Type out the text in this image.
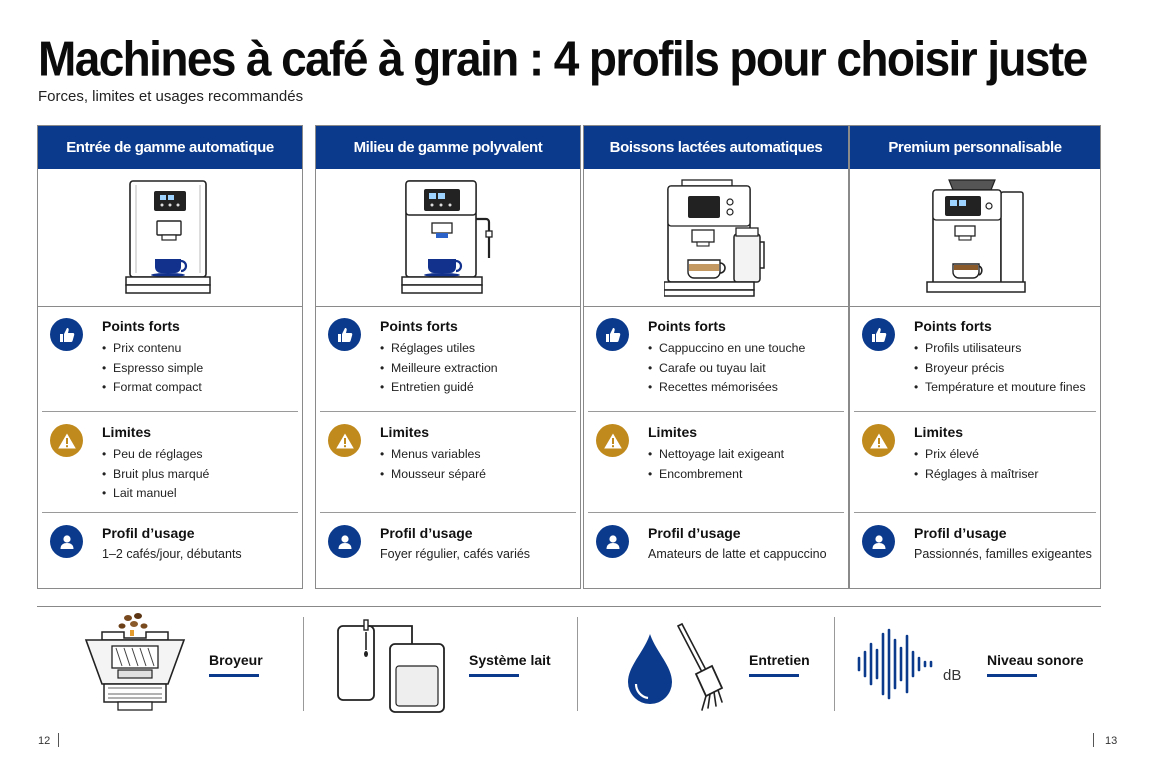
Machines à café à grain : 4 profils pour choisir juste
Forces, limites et usages recommandés
Entrée de gamme automatique
Points forts
• Prix contenu
• Espresso simple
• Format compact
Limites
• Peu de réglages
• Bruit plus marqué
• Lait manuel
Profil d’usage
1–2 cafés/jour, débutants
Milieu de gamme polyvalent
Points forts
• Réglages utiles
• Meilleure extraction
• Entretien guidé
Limites
• Menus variables
• Mousseur séparé
Profil d’usage
Foyer régulier, cafés variés
Boissons lactées automatiques
Points forts
• Cappuccino en une touche
• Carafe ou tuyau lait
• Recettes mémorisées
Limites
• Nettoyage lait exigeant
• Encombrement
Profil d’usage
Amateurs de latte et cappuccino
Premium personnalisable
Points forts
• Profils utilisateurs
• Broyeur précis
• Température et mouture fines
Limites
• Prix élevé
• Réglages à maîtriser
Profil d’usage
Passionnés, familles exigeantes
Broyeur	Système lait	Entretien
dB
Niveau sonore
12	13
